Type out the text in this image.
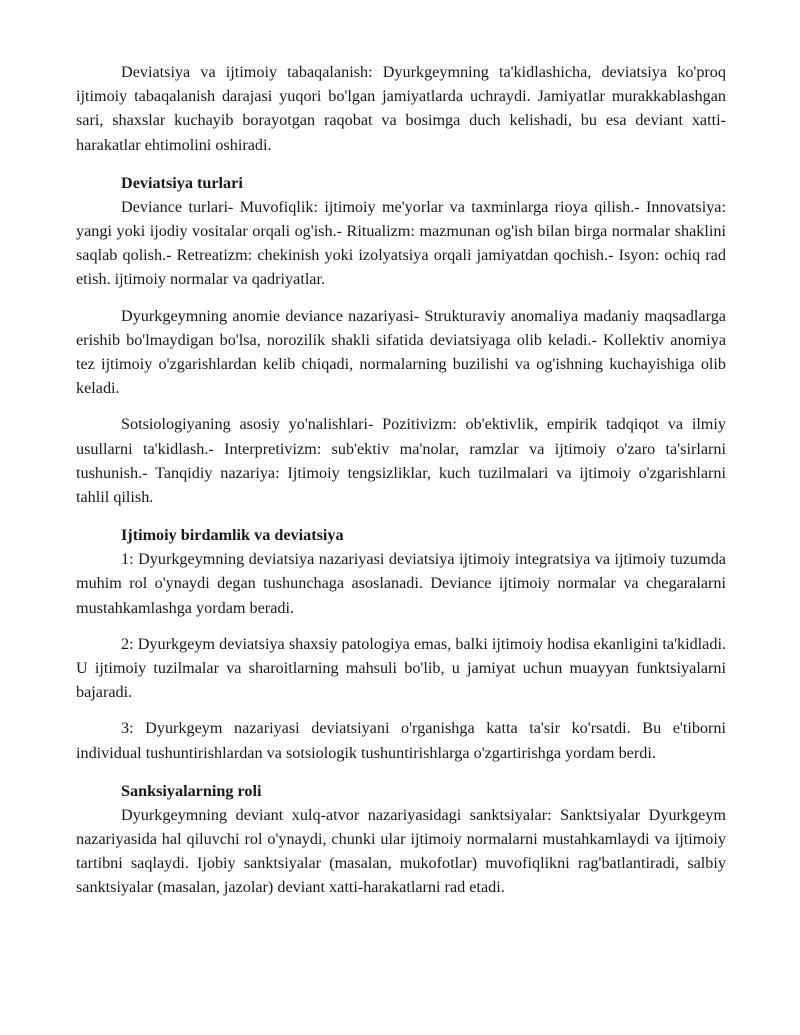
Deviatsiya va ijtimoiy tabaqalanish: Dyurkgeymning ta'kidlashicha, deviatsiya ko'proq ijtimoiy tabaqalanish darajasi yuqori bo'lgan jamiyatlarda uchraydi. Jamiyatlar murakkablashgan sari, shaxslar kuchayib borayotgan raqobat va bosimga duch kelishadi, bu esa deviant xatti-harakatlar ehtimolini oshiradi.

Deviatsiya turlari

Deviance turlari- Muvofiqlik: ijtimoiy me'yorlar va taxminlarga rioya qilish.- Innovatsiya: yangi yoki ijodiy vositalar orqali og'ish.- Ritualizm: mazmunan og'ish bilan birga normalar shaklini saqlab qolish.- Retreatizm: chekinish yoki izolyatsiya orqali jamiyatdan qochish.- Isyon: ochiq rad etish. ijtimoiy normalar va qadriyatlar.

Dyurkgeymning anomie deviance nazariyasi- Strukturaviy anomaliya madaniy maqsadlarga erishib bo'lmaydigan bo'lsa, norozilik shakli sifatida deviatsiyaga olib keladi.- Kollektiv anomiya tez ijtimoiy o'zgarishlardan kelib chiqadi, normalarning buzilishi va og'ishning kuchayishiga olib keladi.

Sotsiologiyaning asosiy yo'nalishlari- Pozitivizm: ob'ektivlik, empirik tadqiqot va ilmiy usullarni ta'kidlash.- Interpretivizm: sub'ektiv ma'nolar, ramzlar va ijtimoiy o'zaro ta'sirlarni tushunish.- Tanqidiy nazariya: Ijtimoiy tengsizliklar, kuch tuzilmalari va ijtimoiy o'zgarishlarni tahlil qilish.

Ijtimoiy birdamlik va deviatsiya

1: Dyurkgeymning deviatsiya nazariyasi deviatsiya ijtimoiy integratsiya va ijtimoiy tuzumda muhim rol o'ynaydi degan tushunchaga asoslanadi. Deviance ijtimoiy normalar va chegaralarni mustahkamlashga yordam beradi.

2: Dyurkgeym deviatsiya shaxsiy patologiya emas, balki ijtimoiy hodisa ekanligini ta'kidladi. U ijtimoiy tuzilmalar va sharoitlarning mahsuli bo'lib, u jamiyat uchun muayyan funktsiyalarni bajaradi.

3: Dyurkgeym nazariyasi deviatsiyani o'rganishga katta ta'sir ko'rsatdi. Bu e'tiborni individual tushuntirishlardan va sotsiologik tushuntirishlarga o'zgartirishga yordam berdi.

Sanksiyalarning roli

Dyurkgeymning deviant xulq-atvor nazariyasidagi sanktsiyalar: Sanktsiyalar Dyurkgeym nazariyasida hal qiluvchi rol o'ynaydi, chunki ular ijtimoiy normalarni mustahkamlaydi va ijtimoiy tartibni saqlaydi. Ijobiy sanktsiyalar (masalan, mukofotlar) muvofiqlikni rag'batlantiradi, salbiy sanktsiyalar (masalan, jazolar) deviant xatti-harakatlarni rad etadi.
